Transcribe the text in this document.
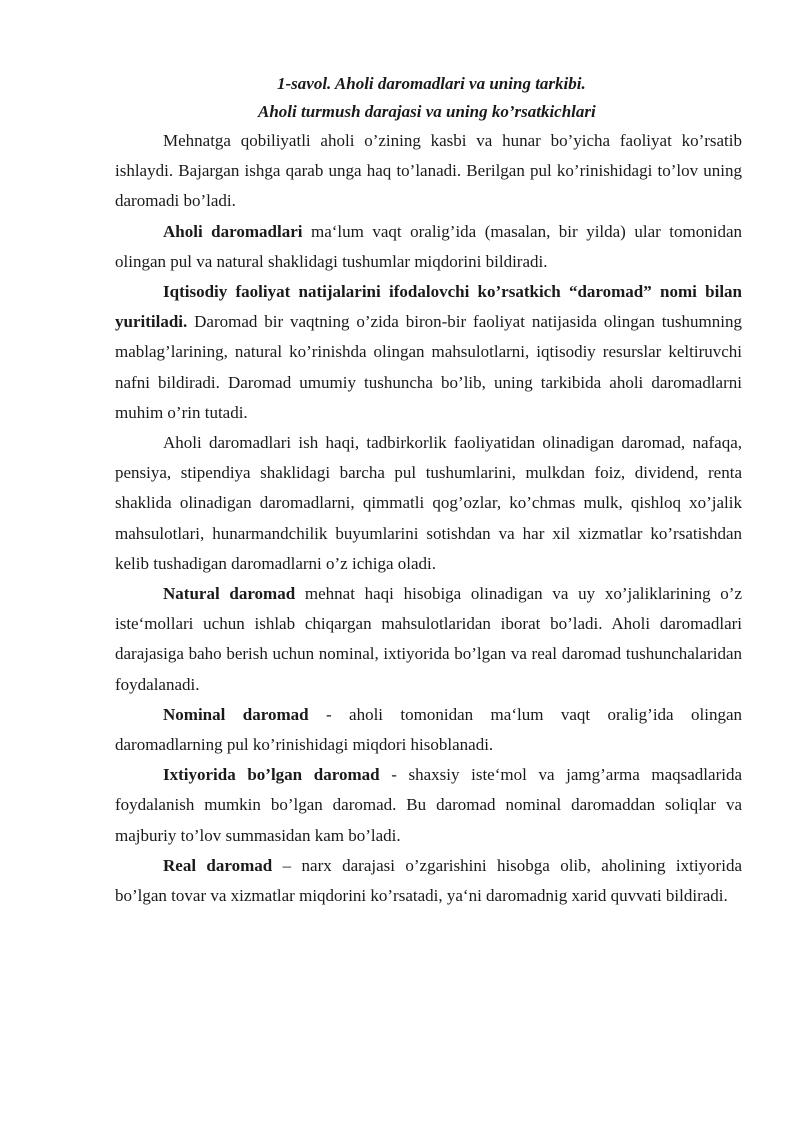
1-savol. Aholi daromadlari va uning tarkibi.

Aholi turmush darajasi va uning ko’rsatkichlari

Mehnatga qobiliyatli aholi o’zining kasbi va hunar bo’yicha faoliyat ko’rsatib ishlaydi. Bajargan ishga qarab unga haq to’lanadi. Berilgan pul ko’rinishidagi to’lov uning daromadi bo’ladi.

Aholi daromadlari ma‘lum vaqt oralig’ida (masalan, bir yilda) ular tomonidan olingan pul va natural shaklidagi tushumlar miqdorini bildiradi.

Iqtisodiy faoliyat natijalarini ifodalovchi ko’rsatkich “daromad” nomi bilan yuritiladi. Daromad bir vaqtning o’zida biron-bir faoliyat natijasida olingan tushumning mablag’larining, natural ko’rinishda olingan mahsulotlarni, iqtisodiy resurslar keltiruvchi nafni bildiradi. Daromad umumiy tushuncha bo’lib, uning tarkibida aholi daromadlarni muhim o’rin tutadi.

Aholi daromadlari ish haqi, tadbirkorlik faoliyatidan olinadigan daromad, nafaqa, pensiya, stipendiya shaklidagi barcha pul tushumlarini, mulkdan foiz, dividend, renta shaklida olinadigan daromadlarni, qimmatli qog’ozlar, ko’chmas mulk, qishloq xo’jalik mahsulotlari, hunarmandchilik buyumlarini sotishdan va har xil xizmatlar ko’rsatishdan kelib tushadigan daromadlarni o’z ichiga oladi.

Natural daromad mehnat haqi hisobiga olinadigan va uy xo’jaliklarining o’z iste‘mollari uchun ishlab chiqargan mahsulotlaridan iborat bo’ladi. Aholi daromadlari darajasiga baho berish uchun nominal, ixtiyorida bo’lgan va real daromad tushunchalaridan foydalanadi.

Nominal daromad - aholi tomonidan ma‘lum vaqt oralig’ida olingan daromadlarning pul ko’rinishidagi miqdori hisoblanadi.

Ixtiyorida bo’lgan daromad - shaxsiy iste‘mol va jamg’arma maqsadlarida foydalanish mumkin bo’lgan daromad. Bu daromad nominal daromaddan soliqlar va majburiy to’lov summasidan kam bo’ladi.

Real daromad – narx darajasi o’zgarishini hisobga olib, aholining ixtiyorida bo’lgan tovar va xizmatlar miqdorini ko’rsatadi, ya‘ni daromadnig xarid quvvati bildiradi.
